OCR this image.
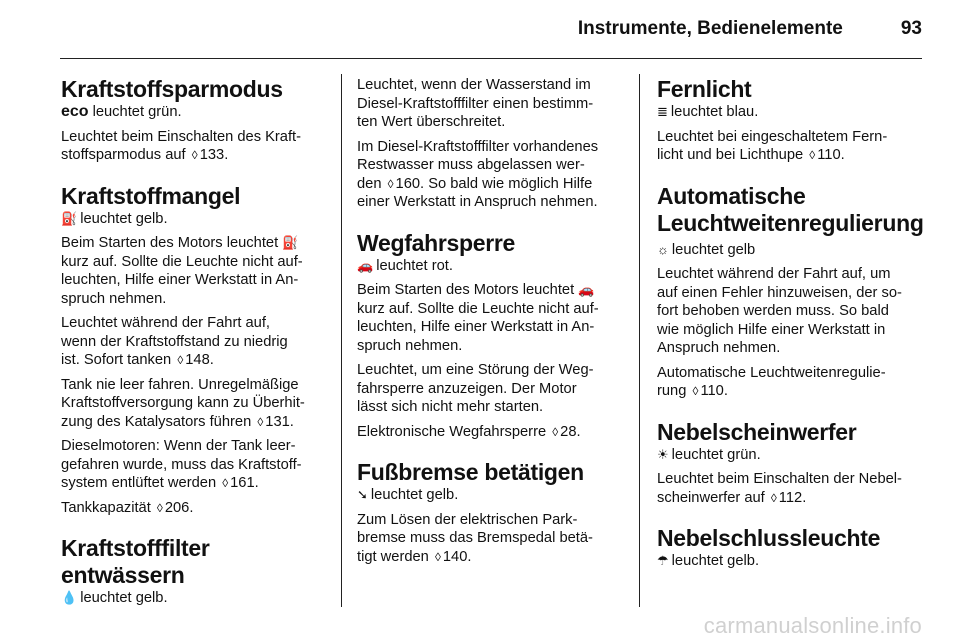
Instrumente, Bedienelemente	93
Kraftstoffsparmodus

eco leuchtet grün.

Leuchtet beim Einschalten des Kraft-
stoffsparmodus auf ◊ 133.

Kraftstoffmangel

⛽ leuchtet gelb.

Beim Starten des Motors leuchtet ⛽
kurz auf. Sollte die Leuchte nicht auf-
leuchten, Hilfe einer Werkstatt in An-
spruch nehmen.

Leuchtet während der Fahrt auf,
wenn der Kraftstoffstand zu niedrig
ist. Sofort tanken ◊ 148.

Tank nie leer fahren. Unregelmäßige
Kraftstoffversorgung kann zu Überhit-
zung des Katalysators führen ◊ 131.

Dieselmotoren: Wenn der Tank leer-
gefahren wurde, muss das Kraftstoff-
system entlüftet werden ◊ 161.

Tankkapazität ◊ 206.

Kraftstofffilter entwässern

💧 leuchtet gelb.

Leuchtet, wenn der Wasserstand im
Diesel-Kraftstofffilter einen bestimm-
ten Wert überschreitet.

Im Diesel-Kraftstofffilter vorhandenes
Restwasser muss abgelassen wer-
den ◊ 160. So bald wie möglich Hilfe
einer Werkstatt in Anspruch nehmen.

Wegfahrsperre

🚗 leuchtet rot.

Beim Starten des Motors leuchtet 🚗
kurz auf. Sollte die Leuchte nicht auf-
leuchten, Hilfe einer Werkstatt in An-
spruch nehmen.

Leuchtet, um eine Störung der Weg-
fahrsperre anzuzeigen. Der Motor
lässt sich nicht mehr starten.

Elektronische Wegfahrsperre ◊ 28.

Fußbremse betätigen

➘ leuchtet gelb.

Zum Lösen der elektrischen Park-
bremse muss das Bremspedal betä-
tigt werden ◊ 140.

Fernlicht

≣ leuchtet blau.

Leuchtet bei eingeschaltetem Fern-
licht und bei Lichthupe ◊ 110.

Automatische
Leuchtweitenregulierung

☼ leuchtet gelb

Leuchtet während der Fahrt auf, um
auf einen Fehler hinzuweisen, der so-
fort behoben werden muss. So bald
wie möglich Hilfe einer Werkstatt in
Anspruch nehmen.

Automatische Leuchtweitenregulie-
rung ◊ 110.

Nebelscheinwerfer

☀ leuchtet grün.

Leuchtet beim Einschalten der Nebel-
scheinwerfer auf ◊ 112.

Nebelschlussleuchte

☂ leuchtet gelb.

carmanualsonline.info
